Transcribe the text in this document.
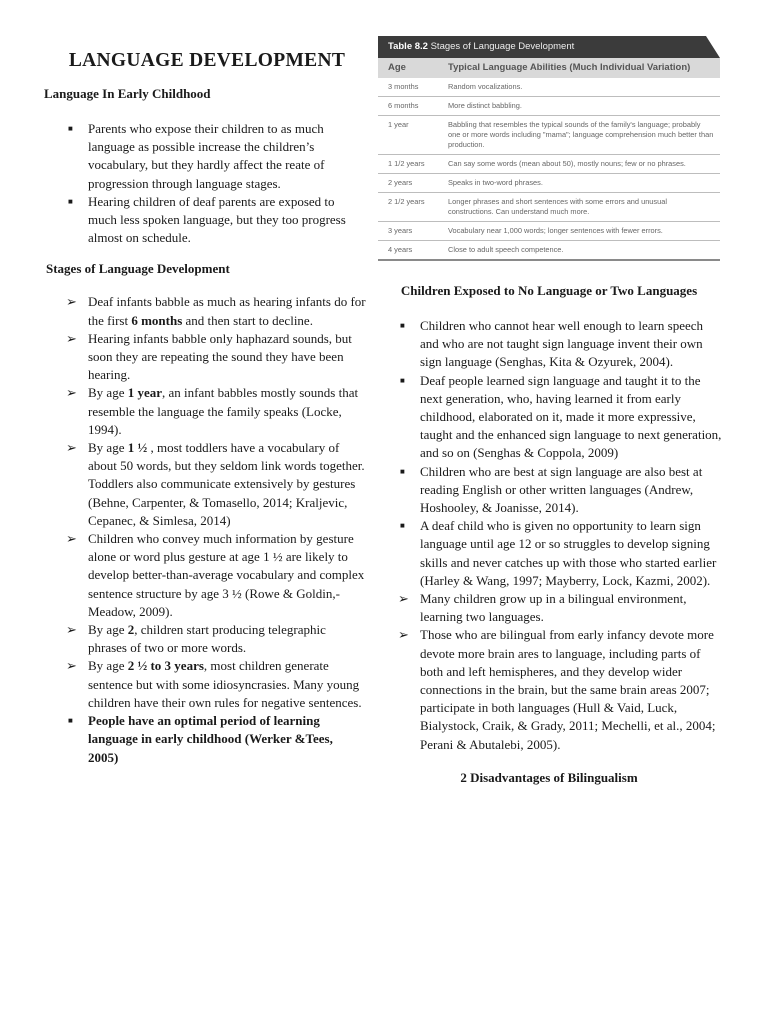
LANGUAGE DEVELOPMENT
Language In Early Childhood
■	Parents who expose their children to as much language as possible increase the children’s vocabulary, but they hardly affect the reate of progression through language stages.
■	Hearing children of deaf parents are exposed to much less spoken language, but they too progress almost on schedule.
Stages of Language Development
➢ Deaf infants babble as much as hearing infants do for the first 6 months and then start to decline.
➢ Hearing infants babble only haphazard sounds, but soon they are repeating the sound they have been hearing.
➢ By age 1 year, an infant babbles mostly sounds that resemble the language the family speaks (Locke, 1994).
➢ By age 1 ½ , most toddlers have a vocabulary of about 50 words, but they seldom link words together. Toddlers also communicate extensively by gestures (Behne, Carpenter, & Tomasello, 2014; Kraljevic, Cepanec, & Simlesa, 2014)
➢ Children who convey much information by gesture alone or word plus gesture at age 1 ½ are likely to develop better-than-average vocabulary and complex sentence structure by age 3 ½ (Rowe & Goldin,-Meadow, 2009).
➢ By age 2, children start producing telegraphic phrases of two or more words.
➢ By age 2 ½ to 3 years, most children generate sentence but with some idiosyncrasies. Many young children have their own rules for negative sentences.
■	People have an optimal period of learning language in early childhood (Werker &Tees, 2005)
Table 8.2 Stages of Language Development
Age	Typical Language Abilities (Much Individual Variation)
3 months	Random vocalizations.
6 months	More distinct babbling.
1 year	Babbling that resembles the typical sounds of the family's language; probably one or more words including "mama"; language comprehension much better than production.
1 1/2 years	Can say some words (mean about 50), mostly nouns; few or no phrases.
2 years	Speaks in two-word phrases.
2 1/2 years	Longer phrases and short sentences with some errors and unusual constructions. Can understand much more.
3 years	Vocabulary near 1,000 words; longer sentences with fewer errors.
4 years	Close to adult speech competence.
Children Exposed to No Language or Two Languages
■	Children who cannot hear well enough to learn speech and who are not taught sign language invent their own sign language (Senghas, Kita & Ozyurek, 2004).
■	Deaf people learned sign language and taught it to the next generation, who, having learned it from early childhood, elaborated on it, made it more expressive, taught and the enhanced sign language to next generation, and so on (Senghas & Coppola, 2009)
■	Children who are best at sign language are also best at reading English or other written languages (Andrew, Hoshooley, & Joanisse, 2014).
■	A deaf child who is given no opportunity to learn sign language until age 12 or so struggles to develop signing skills and never catches up with those who started earlier (Harley & Wang, 1997; Mayberry, Lock, Kazmi, 2002).
➢ Many children grow up in a bilingual environment, learning two languages.
➢ Those who are bilingual from early infancy devote more devote more brain ares to language, including parts of both and left hemispheres, and they develop wider connections in the brain, but the same brain areas 2007; participate in both languages (Hull & Vaid, Luck, Bialystock, Craik, & Grady, 2011; Mechelli, et al., 2004; Perani & Abutalebi, 2005).
2 Disadvantages of Bilingualism
